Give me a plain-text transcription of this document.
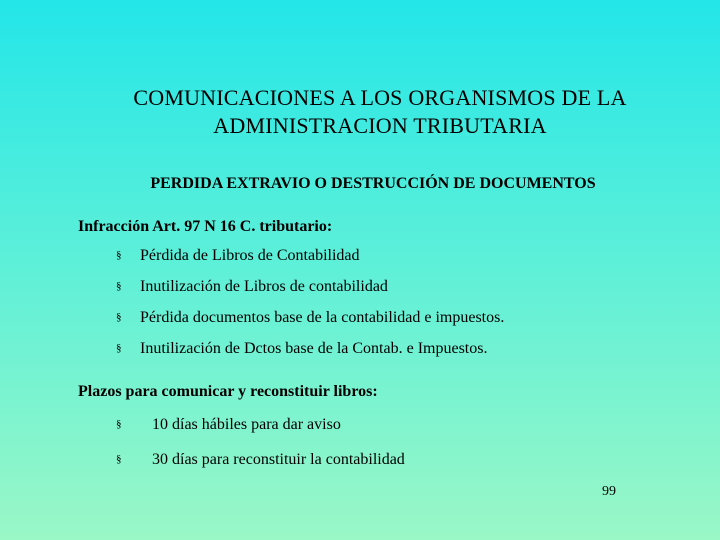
COMUNICACIONES A LOS ORGANISMOS DE LA
ADMINISTRACION TRIBUTARIA
PERDIDA EXTRAVIO O DESTRUCCIÓN DE DOCUMENTOS
Infracción Art. 97 N 16 C. tributario:
§ Pérdida de Libros de Contabilidad
§ Inutilización de Libros de contabilidad
§ Pérdida documentos base de la contabilidad e impuestos.
§ Inutilización de Dctos base de la Contab. e Impuestos.
Plazos para comunicar y reconstituir libros:
§ 10 días hábiles para dar aviso
§ 30 días para reconstituir la contabilidad
99
